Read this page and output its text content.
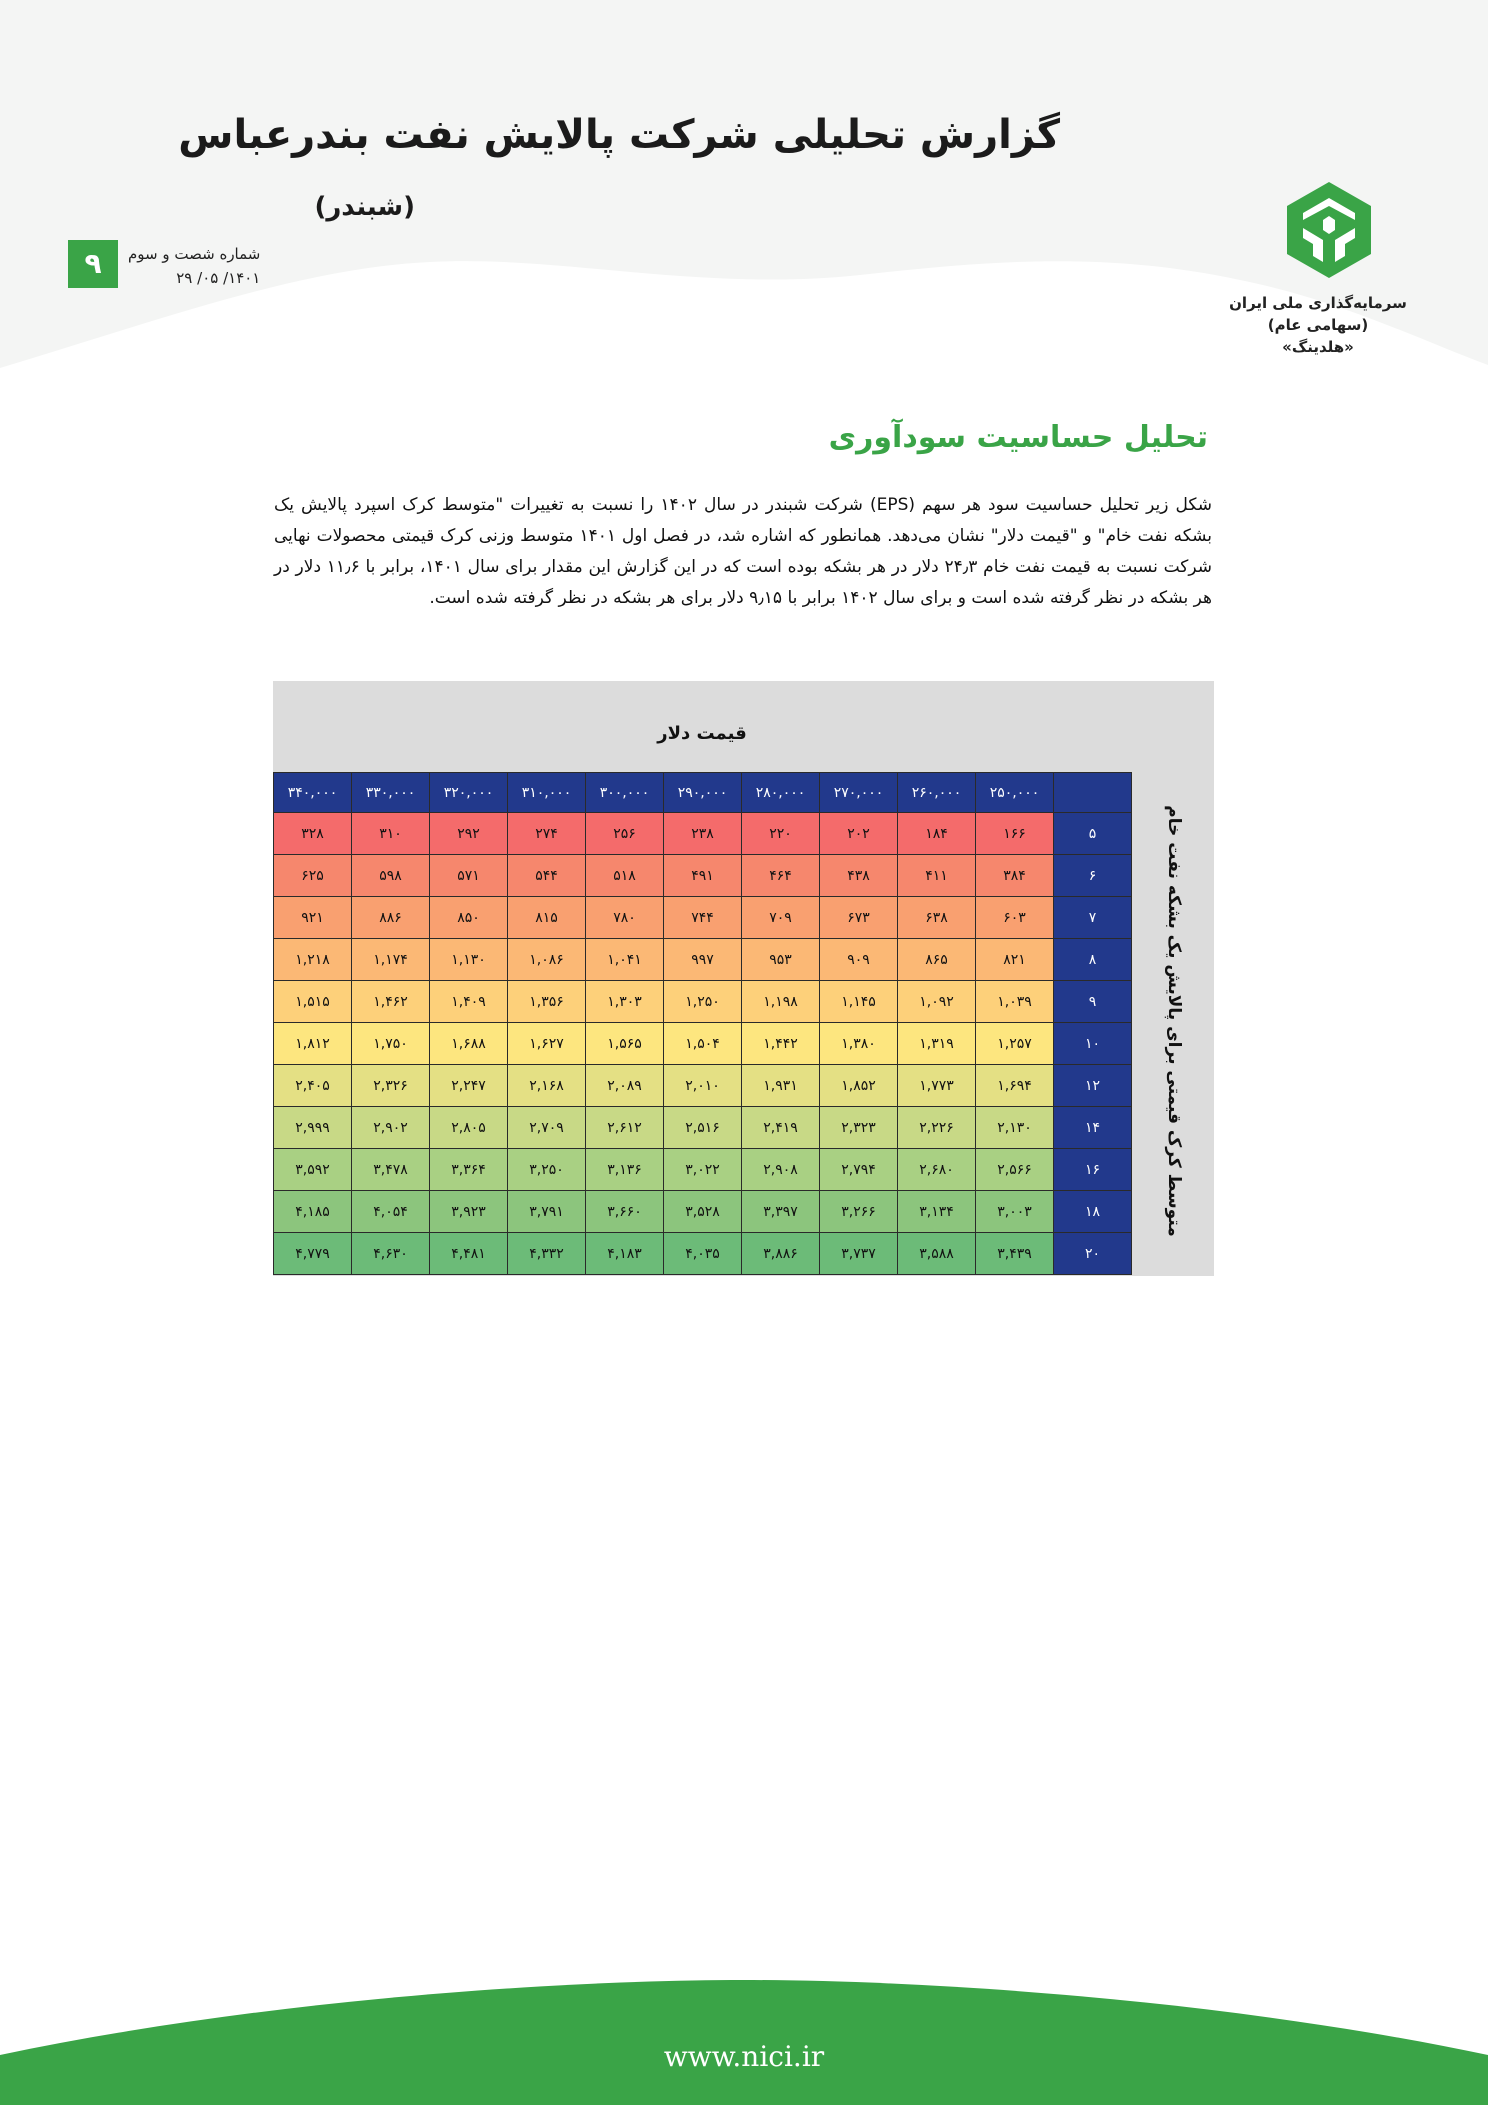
گزارش تحلیلی شرکت پالایش نفت بندرعباس
(شبندر)
سرمایه‌گذاری ملی ایران (سهامی عام)
«هلدینگ»
۹	شماره شصت و سوم
۱۴۰۱/ ۰۵/ ۲۹
تحلیل حساسیت سودآوری

شکل زیر تحلیل حساسیت سود هر سهم (EPS) شرکت شبندر در سال ۱۴۰۲ را نسبت به تغییرات "متوسط کرک اسپرد پالایش یک بشکه نفت خام" و "قیمت دلار" نشان می‌دهد. همانطور که اشاره شد، در فصل اول ۱۴۰۱ متوسط وزنی کرک قیمتی محصولات نهایی شرکت نسبت به قیمت نفت خام ۲۴٫۳ دلار در هر بشکه بوده است که در این گزارش این مقدار برای سال ۱۴۰۱، برابر با ۱۱٫۶ دلار در هر بشکه در نظر گرفته شده است و برای سال ۱۴۰۲ برابر با ۹٫۱۵ دلار برای هر بشکه در نظر گرفته شده است.

قیمت دلار
متوسط کرک قیمتی برای پالایش یک بشکه نفت خام
	۲۵۰,۰۰۰	۲۶۰,۰۰۰	۲۷۰,۰۰۰	۲۸۰,۰۰۰	۲۹۰,۰۰۰	۳۰۰,۰۰۰	۳۱۰,۰۰۰	۳۲۰,۰۰۰	۳۳۰,۰۰۰	۳۴۰,۰۰۰
۵	۱۶۶	۱۸۴	۲۰۲	۲۲۰	۲۳۸	۲۵۶	۲۷۴	۲۹۲	۳۱۰	۳۲۸
۶	۳۸۴	۴۱۱	۴۳۸	۴۶۴	۴۹۱	۵۱۸	۵۴۴	۵۷۱	۵۹۸	۶۲۵
۷	۶۰۳	۶۳۸	۶۷۳	۷۰۹	۷۴۴	۷۸۰	۸۱۵	۸۵۰	۸۸۶	۹۲۱
۸	۸۲۱	۸۶۵	۹۰۹	۹۵۳	۹۹۷	۱,۰۴۱	۱,۰۸۶	۱,۱۳۰	۱,۱۷۴	۱,۲۱۸
۹	۱,۰۳۹	۱,۰۹۲	۱,۱۴۵	۱,۱۹۸	۱,۲۵۰	۱,۳۰۳	۱,۳۵۶	۱,۴۰۹	۱,۴۶۲	۱,۵۱۵
۱۰	۱,۲۵۷	۱,۳۱۹	۱,۳۸۰	۱,۴۴۲	۱,۵۰۴	۱,۵۶۵	۱,۶۲۷	۱,۶۸۸	۱,۷۵۰	۱,۸۱۲
۱۲	۱,۶۹۴	۱,۷۷۳	۱,۸۵۲	۱,۹۳۱	۲,۰۱۰	۲,۰۸۹	۲,۱۶۸	۲,۲۴۷	۲,۳۲۶	۲,۴۰۵
۱۴	۲,۱۳۰	۲,۲۲۶	۲,۳۲۳	۲,۴۱۹	۲,۵۱۶	۲,۶۱۲	۲,۷۰۹	۲,۸۰۵	۲,۹۰۲	۲,۹۹۹
۱۶	۲,۵۶۶	۲,۶۸۰	۲,۷۹۴	۲,۹۰۸	۳,۰۲۲	۳,۱۳۶	۳,۲۵۰	۳,۳۶۴	۳,۴۷۸	۳,۵۹۲
۱۸	۳,۰۰۳	۳,۱۳۴	۳,۲۶۶	۳,۳۹۷	۳,۵۲۸	۳,۶۶۰	۳,۷۹۱	۳,۹۲۳	۴,۰۵۴	۴,۱۸۵
۲۰	۳,۴۳۹	۳,۵۸۸	۳,۷۳۷	۳,۸۸۶	۴,۰۳۵	۴,۱۸۳	۴,۳۳۲	۴,۴۸۱	۴,۶۳۰	۴,۷۷۹
www.nici.ir
